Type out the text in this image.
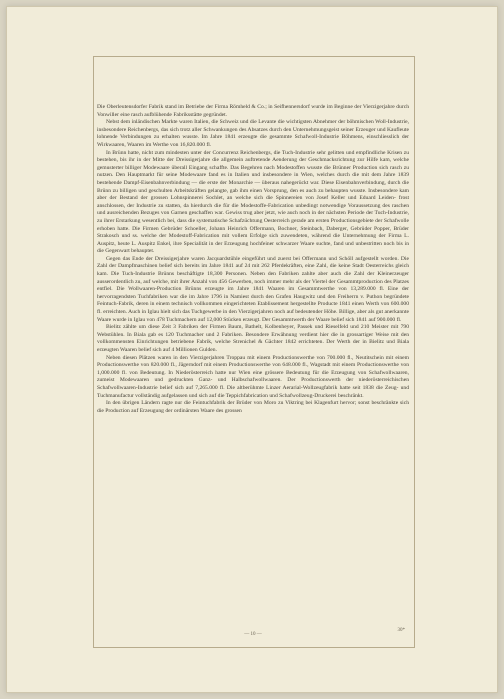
Die Oberleutensdorfer Fabrik stand im Betriebe der Firma Römheld & Co.; in Seifhennersdorf wurde im Beginne der Vierzigerjahre durch Vonwiller eine rasch aufblühende Fabriksstätte gegründet.

Nebst dem inländischen Markte waren Italien, die Schweiz und die Levante die wichtigsten Abnehmer der böhmischen Woll-Industrie, insbesondere Reichenbergs, das sich trotz aller Schwankungen des Absatzes durch den Unternehmungsgeist seiner Erzeuger und Kaufleute lohnende Verbindungen zu erhalten wusste. Im Jahre 1841 erzeugte die gesammte Schafwoll-Industrie Böhmens, einschliesslich der Wirkwaaren, Waaren im Werthe von 16,820.000 fl.

In Brünn hatte, nicht zum mindesten unter der Concurrenz Reichenbergs, die Tuch-Industrie sehr gelitten und empfindliche Krisen zu bestehen, bis ihr in der Mitte der Dreissigerjahre die allgemein auftretende Aenderung der Geschmacksrichtung zur Hilfe kam, welche gemusterter billiger Modewaare überall Eingang schaffte. Das Begehren nach Modestoffen wusste die Brünner Production sich rasch zu nutzen. Den Hauptmarkt für seine Modewaare fand es in Italien und insbesondere in Wien, welches durch die mit dem Jahre 1839 bestehende Dampf-Eisenbahnverbindung — die erste der Monarchie — überaus nahegerückt war. Diese Eisenbahnverbindung, durch die Brünn zu billigen und geschulten Arbeitskräften gelangte, gab ihm einen Vorsprung, den es auch zu behaupten wusste. Insbesondere kam aber der Bestand der grossen Lohnspinnerei Sochlet, an welche sich die Spinnereien von Josef Keller und Eduard Leiden- frost anschlossen, der Industrie zu statten, da hierdurch die für die Modestoffe-Fabrication unbedingt notwendige Voraussetzung des raschen und ausreichenden Bezuges von Garnen geschaffen war. Gewiss trug aber jetzt, wie auch noch in der nächsten Periode der Tuch-Industrie, zu ihrer Erstarkung wesentlich bei, dass die systematische Schafzüchtung Oesterreich gerade am ersten Productionsgebiete der Schafwolle erhoben hatte. Die Firmen Gebrüder Schoeller, Johann Heinrich Offermann, Bochner, Steinbach, Daberger, Gebrüder Popper, Brüder Strakosch und ss. welche der Modestoff-Fabrication mit vollem Erfolge sich zuwendeten, während die Unternehmung der Firma L. Auspitz, heute L. Auspitz Enkel, ihre Specialität in der Erzeugung hochfeiner schwarzer Waare suchte, fand und unbestritten noch bis in die Gegenwart behauptet.

Gegen das Ende der Dreissigerjahre waren Jacquardstühle eingeführt und zuerst bei Offermann und Schöll aufgestellt worden. Die Zahl der Dampfmaschinen belief sich bereits im Jahre 1841 auf 24 mit 262 Pferdekräften, eine Zahl, die keine Stadt Oesterreichs gleich kam. Die Tuch-Industrie Brünns beschäftigte 18,300 Personen. Neben den Fabriken zahlte aber auch die Zahl der Kleinerzeuger ausserordentlich zu, auf welche, mit ihrer Anzahl von 456 Gewerben, noch immer mehr als der Viertel der Gesammtproduction des Platzes entfiel. Die Wollwaaren-Production Brünns erzeugte im Jahre 1841 Waaren im Gesammtwerthe von 13,289.000 fl. Eine der hervorragendsten Tuchfabriken war die im Jahre 1796 in Namiest durch den Grafen Haugwitz und den Freiherrn v. Puthon begründete Feintuch-Fabrik, deren in einem technisch vollkommen eingerichteten Etablissement hergestellte Producte 1841 einen Werth von 600.000 fl. erreichten. Auch in Iglau hielt sich das Tuchgewerbe in den Vierzigerjahren noch auf bedeutender Höhe. Billige, aber als gut anerkannte Waare wurde in Iglau von 478 Tuchmachern auf 12,000 Stücken erzeugt. Der Gesammtwerth der Waare belief sich 1841 auf 900.000 fl.

Bielitz zählte um diese Zeit 3 Fabriken der Firmen Baum, Bathelt, Kolbenheyer, Passek und Rieselfeld und 210 Meister mit 790 Webstühlen. In Biala gab es 120 Tuchmacher und 2 Fabriken. Besondere Erwähnung verdient hier die in grossartiger Weise mit den vollkommensten Einrichtungen betriebene Fabrik, welche Strenichel & Gächter 1842 errichteten. Der Werth der in Bielitz und Biala erzeugten Waaren belief sich auf 4 Millionen Gulden.

Neben diesen Plätzen waren in den Vierzigerjahren Troppau mit einem Productionswerthe von 700.000 fl., Neutitschein mit einem Productionswerthe von 820.000 fl., Jägerndorf mit einem Productionswerthe von 648.000 fl., Wagstadt mit einem Productionswerthe von 1,000.000 fl. von Bedeutung. In Niederösterreich hatte nur Wien eine grössere Bedeutung für die Erzeugung von Schafwollwaaren, zumeist Modewaaren und gedruckten Ganz- und Halbschafwollwaaren. Der Productionswerth der niederösterreichischen Schafwollwaaren-Industrie belief sich auf 7,265.000 fl. Die altberühmte Linzer Aerarial-Wollzeugfabrik hatte seit 1838 die Zeug- und Tuchmanufactur vollständig aufgelassen und sich auf die Teppichfabrication und Schafwollzeug-Druckerei beschränkt.

In den übrigen Ländern ragte nur die Feintuchfabrik der Brüder von Moro zu Viktring bei Klagenfurt hervor; sonst beschränkte sich die Production auf Erzeugung der ordinärsten Waare des grossen

— 10 —
30*
